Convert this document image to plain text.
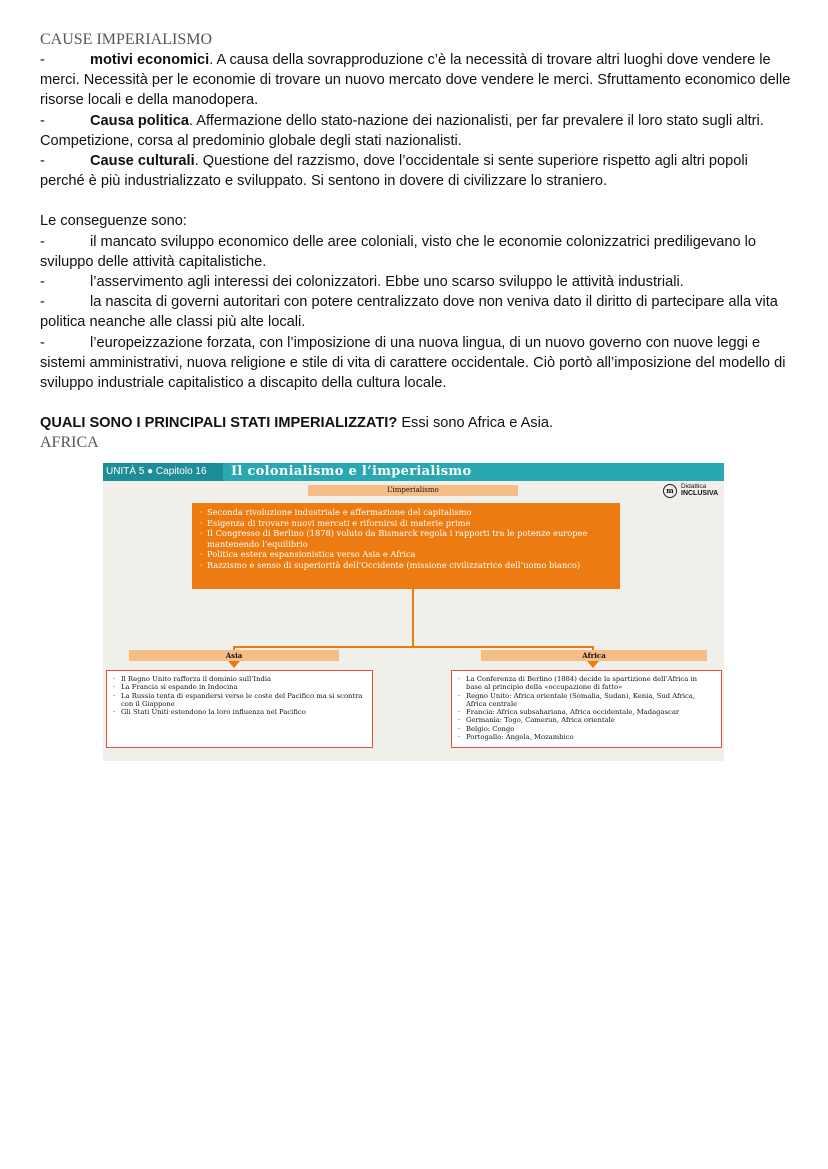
CAUSE IMPERIALISMO

-	motivi economici. A causa della sovrapproduzione c’è la necessità di trovare altri luoghi dove vendere le merci. Necessità per le economie di trovare un nuovo mercato dove vendere le merci. Sfruttamento economico delle risorse locali e della manodopera.

-	Causa politica. Affermazione dello stato-nazione dei nazionalisti, per far prevalere il loro stato sugli altri. Competizione, corsa al predominio globale degli stati nazionalisti.

-	Cause culturali. Questione del razzismo, dove l’occidentale si sente superiore rispetto agli altri popoli perché è più industrializzato e sviluppato. Si sentono in dovere di civilizzare lo straniero.

Le conseguenze sono:

-	il mancato sviluppo economico delle aree coloniali, visto che le economie colonizzatrici prediligevano lo sviluppo delle attività capitalistiche.

-	l’asservimento agli interessi dei colonizzatori. Ebbe uno scarso sviluppo le attività industriali.

-	la nascita di governi autoritari con potere centralizzato dove non veniva dato il diritto di partecipare alla vita politica neanche alle classi più alte locali.

-	l’europeizzazione forzata, con l’imposizione di una nuova lingua, di un nuovo governo con nuove leggi e sistemi amministrativi, nuova religione e stile di vita di carattere occidentale. Ciò portò all’imposizione del modello di sviluppo industriale capitalistico a discapito della cultura locale.

QUALI SONO I PRINCIPALI STATI IMPERIALIZZATI? Essi sono Africa e Asia.

AFRICA
UNITÀ 5 ● Capitolo 16	Il colonialismo e l’imperialismo
L’imperialismo	m	Didattica
INCLUSIVA
· Seconda rivoluzione industriale e affermazione del capitalismo
· Esigenza di trovare nuovi mercati e rifornirsi di materie prime
· Il Congresso di Berlino (1878) voluto da Bismarck regola i rapporti tra le potenze europee mantenendo l’equilibrio
· Politica estera espansionistica verso Asia e Africa
· Razzismo e senso di superiorità dell’Occidente (missione civilizzatrice dell’uomo bianco)
Asia	Africa
· Il Regno Unito rafforza il dominio sull’India
· La Francia si espande in Indocina
· La Russia tenta di espandersi verso le coste del Pacifico ma si scontra con il Giappone
· Gli Stati Uniti estendono la loro influenza nel Pacifico
· La Conferenza di Berlino (1884) decide la spartizione dell’Africa in base al principio della «occupazione di fatto»
· Regno Unito: Africa orientale (Somalia, Sudan), Kenia, Sud Africa, Africa centrale
· Francia: Africa subsahariana, Africa occidentale, Madagascar
· Germania: Togo, Camerun, Africa orientale
· Belgio: Congo
· Portogallo: Angola, Mozambico
